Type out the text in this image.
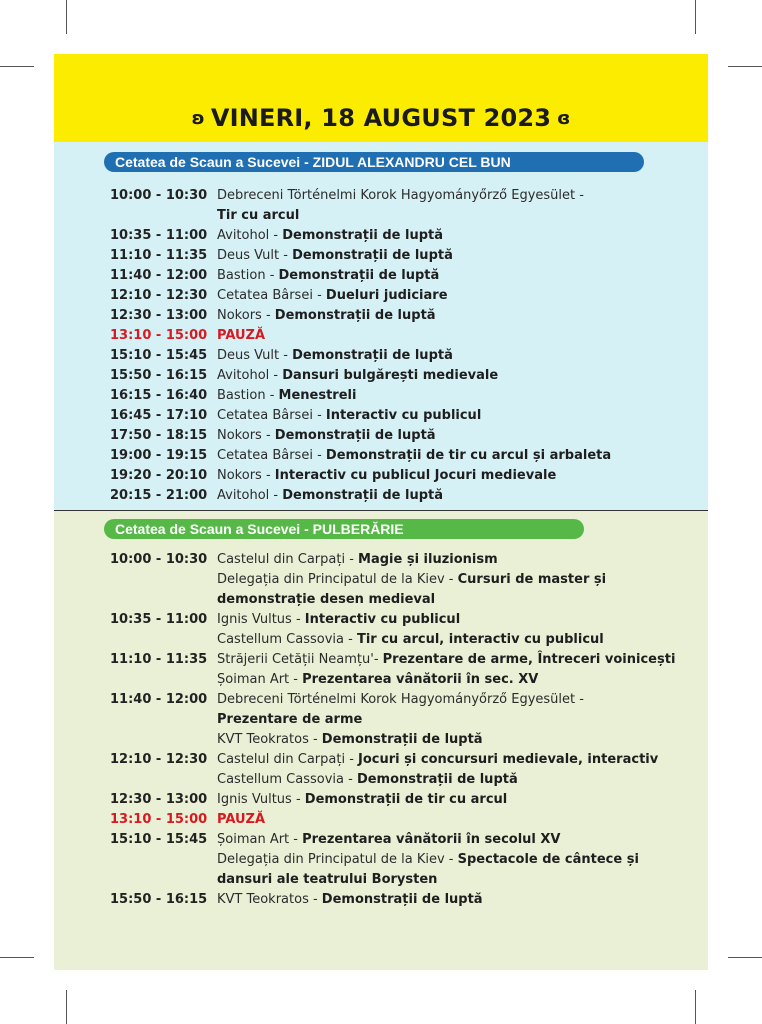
ʚ VINERI, 18 AUGUST 2023 ɞ
Cetatea de Scaun a Sucevei - ZIDUL ALEXANDRU CEL BUN
10:00 - 10:30 Debreceni Történelmi Korok Hagyományőrző Egyesület -
Tir cu arcul
10:35 - 11:00 Avitohol - Demonstrații de luptă
11:10 - 11:35 Deus Vult - Demonstrații de luptă
11:40 - 12:00 Bastion - Demonstrații de luptă
12:10 - 12:30 Cetatea Bârsei - Dueluri judiciare
12:30 - 13:00 Nokors - Demonstrații de luptă
13:10 - 15:00 PAUZĂ
15:10 - 15:45 Deus Vult - Demonstrații de luptă
15:50 - 16:15 Avitohol - Dansuri bulgărești medievale
16:15 - 16:40 Bastion - Menestreli
16:45 - 17:10 Cetatea Bârsei - Interactiv cu publicul
17:50 - 18:15 Nokors - Demonstrații de luptă
19:00 - 19:15 Cetatea Bârsei - Demonstrații de tir cu arcul și arbaleta
19:20 - 20:10 Nokors - Interactiv cu publicul Jocuri medievale
20:15 - 21:00 Avitohol - Demonstrații de luptă
Cetatea de Scaun a Sucevei - PULBERĂRIE
10:00 - 10:30 Castelul din Carpați - Magie și iluzionism
Delegația din Principatul de la Kiev - Cursuri de master și
demonstrație desen medieval
10:35 - 11:00 Ignis Vultus - Interactiv cu publicul
Castellum Cassovia - Tir cu arcul, interactiv cu publicul
11:10 - 11:35 Străjerii Cetății Neamțu'- Prezentare de arme, Întreceri voinicești
Șoiman Art - Prezentarea vânătorii în sec. XV
11:40 - 12:00 Debreceni Történelmi Korok Hagyományőrző Egyesület -
Prezentare de arme
KVT Teokratos - Demonstrații de luptă
12:10 - 12:30 Castelul din Carpați - Jocuri și concursuri medievale, interactiv
Castellum Cassovia - Demonstrații de luptă
12:30 - 13:00 Ignis Vultus - Demonstrații de tir cu arcul
13:10 - 15:00 PAUZĂ
15:10 - 15:45 Șoiman Art - Prezentarea vânătorii în secolul XV
Delegația din Principatul de la Kiev - Spectacole de cântece și
dansuri ale teatrului Borysten
15:50 - 16:15 KVT Teokratos - Demonstrații de luptă
